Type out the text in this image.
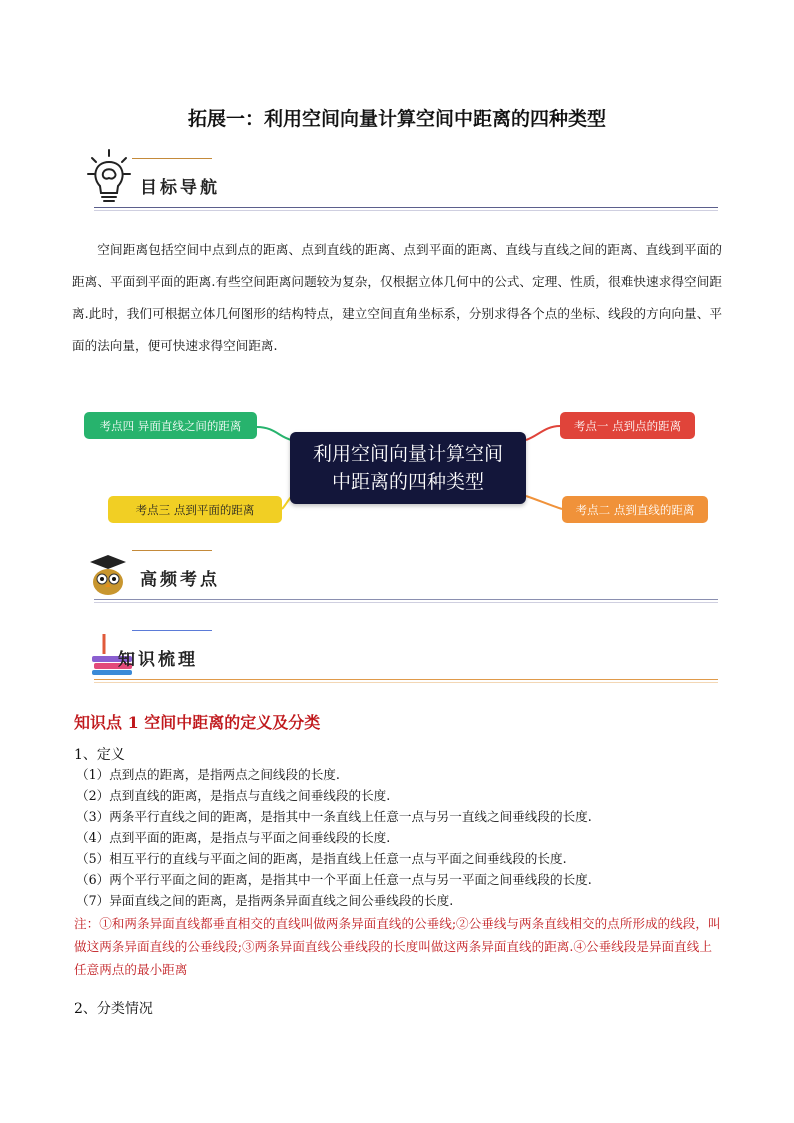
拓展一：利用空间向量计算空间中距离的四种类型
目标导航
空间距离包括空间中点到点的距离、点到直线的距离、点到平面的距离、直线与直线之间的距离、直线到平面的距离、平面到平面的距离.有些空间距离问题较为复杂，仅根据立体几何中的公式、定理、性质，很难快速求得空间距离.此时，我们可根据立体几何图形的结构特点，建立空间直角坐标系，分别求得各个点的坐标、线段的方向向量、平面的法向量，便可快速求得空间距离.
利用空间向量计算空间
中距离的四种类型
考点四 异面直线之间的距离	考点一 点到点的距离
考点三 点到平面的距离	考点二 点到直线的距离
高频考点
知识梳理
知识点 1 空间中距离的定义及分类
1、定义
（1）点到点的距离，是指两点之间线段的长度.
（2）点到直线的距离，是指点与直线之间垂线段的长度.
（3）两条平行直线之间的距离，是指其中一条直线上任意一点与另一直线之间垂线段的长度.
（4）点到平面的距离，是指点与平面之间垂线段的长度.
（5）相互平行的直线与平面之间的距离，是指直线上任意一点与平面之间垂线段的长度.
（6）两个平行平面之间的距离，是指其中一个平面上任意一点与另一平面之间垂线段的长度.
（7）异面直线之间的距离，是指两条异面直线之间公垂线段的长度.
注：①和两条异面直线都垂直相交的直线叫做两条异面直线的公垂线;②公垂线与两条直线相交的点所形成的线段，叫做这两条异面直线的公垂线段;③两条异面直线公垂线段的长度叫做这两条异面直线的距离.④公垂线段是异面直线上任意两点的最小距离
2、分类情况
